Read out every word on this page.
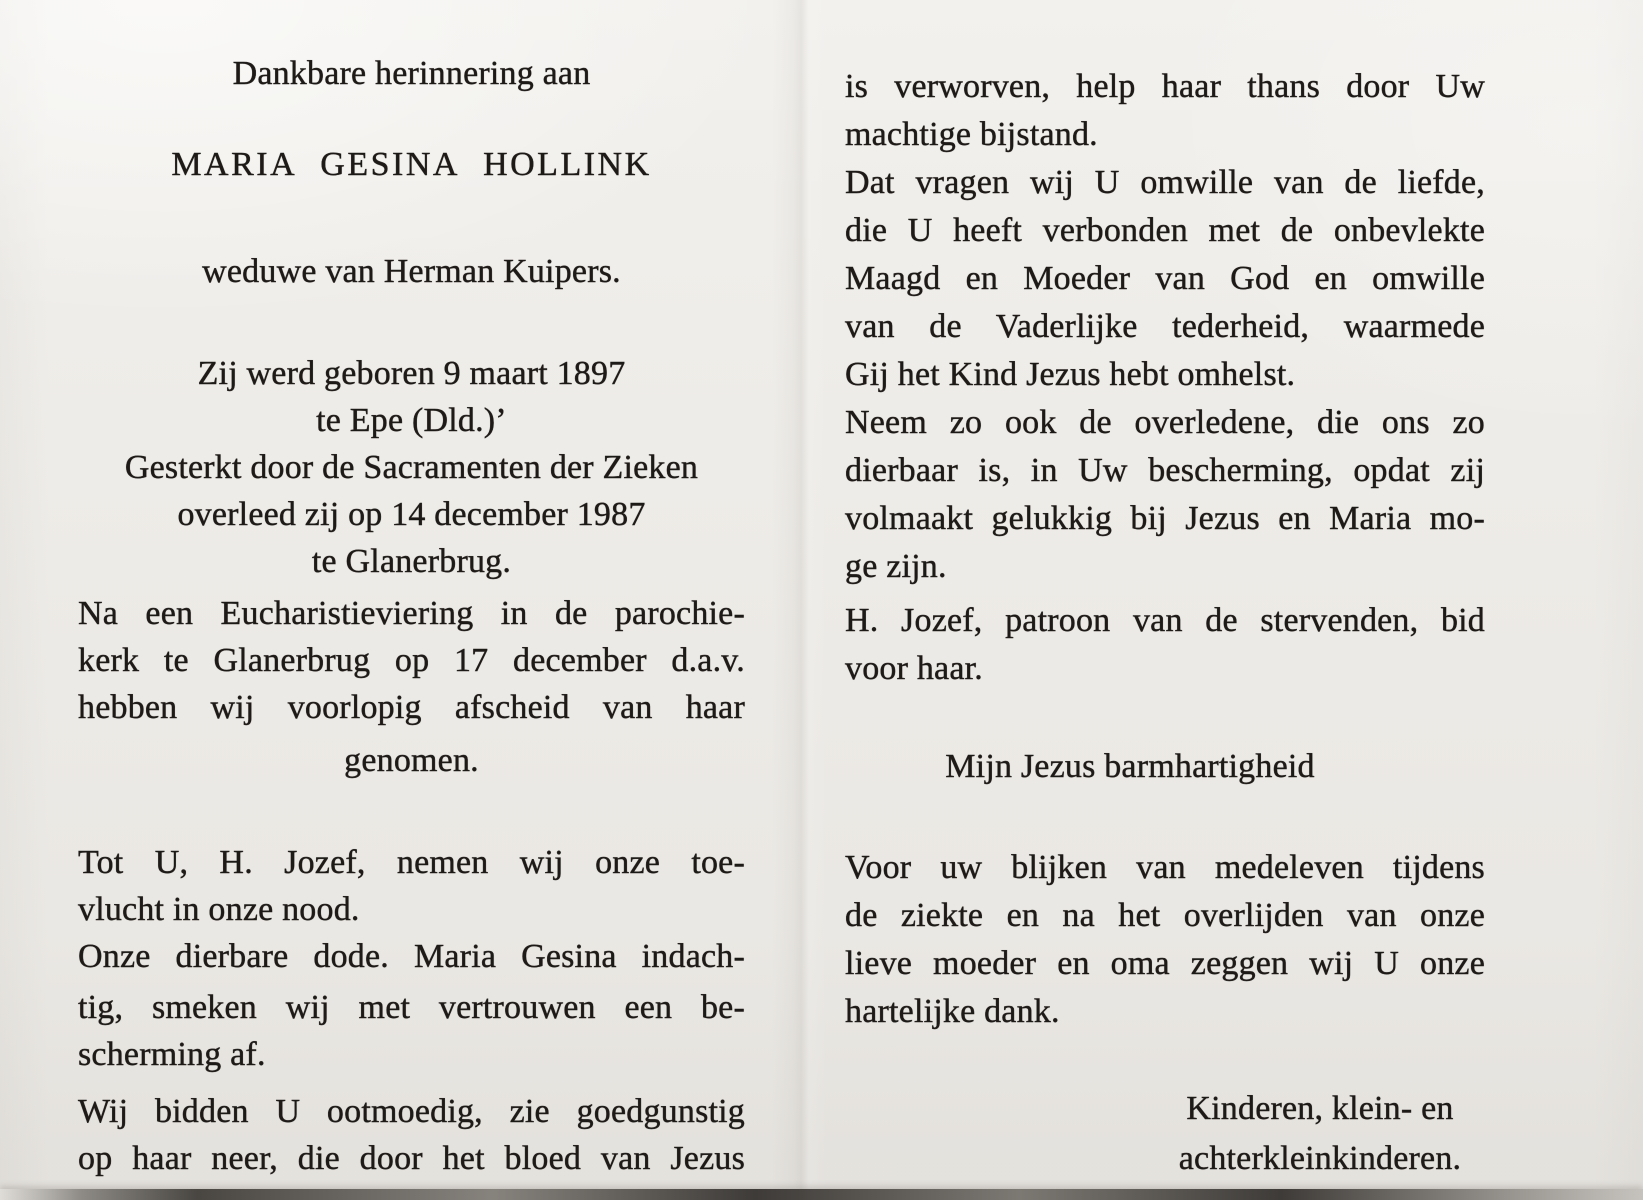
Dankbare herinnering aan
MARIA GESINA HOLLINK
weduwe van Herman Kuipers.
Zij werd geboren 9 maart 1897
te Epe (Dld.)’
Gesterkt door de Sacramenten der Zieken
overleed zij op 14 december 1987
te Glanerbrug.
Na een Eucharistieviering in de parochie-
kerk te Glanerbrug op 17 december d.a.v.
hebben wij voorlopig afscheid van haar
genomen.
Tot U, H. Jozef, nemen wij onze toe-
vlucht in onze nood.
Onze dierbare dode. Maria Gesina indach-
tig, smeken wij met vertrouwen een be-
scherming af.
Wij bidden U ootmoedig, zie goedgunstig
op haar neer, die door het bloed van Jezus
is verworven, help haar thans door Uw
machtige bijstand.
Dat vragen wij U omwille van de liefde,
die U heeft verbonden met de onbevlekte
Maagd en Moeder van God en omwille
van de Vaderlijke tederheid, waarmede
Gij het Kind Jezus hebt omhelst.
Neem zo ook de overledene, die ons zo
dierbaar is, in Uw bescherming, opdat zij
volmaakt gelukkig bij Jezus en Maria mo-
ge zijn.
H. Jozef, patroon van de stervenden, bid
voor haar.
Mijn Jezus barmhartigheid
Voor uw blijken van medeleven tijdens
de ziekte en na het overlijden van onze
lieve moeder en oma zeggen wij U onze
hartelijke dank.
Kinderen, klein- en
achterkleinkinderen.
